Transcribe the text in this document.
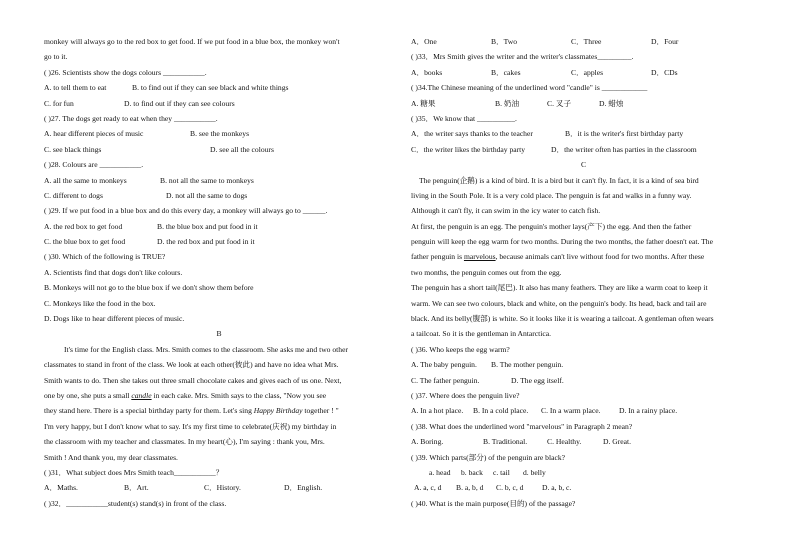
monkey will always go to the red box to get food. If we put food in a blue box, the monkey won't
go to it.
( )26. Scientists show the dogs colours ___________.
A. to tell them to eat	B. to find out if they can see black and white things
C. for fun	D. to find out if they can see colours
( )27. The dogs get ready to eat when they ___________.
A. hear different pieces of music	B. see the monkeys
C. see black things	D. see all the colours
( )28. Colours are ___________.
A. all the same to monkeys	B. not all the same to monkeys
C. different to dogs	D. not all the same to dogs
( )29. If we put food in a blue box and do this every day, a monkey will always go to ______.
A. the red box to get food	B. the blue box and put food in it
C. the blue box to get food	D. the red box and put food in it
( )30. Which of the following is TRUE?
A. Scientists find that dogs don't like colours.
B. Monkeys will not go to the blue box if we don't show them before
C. Monkeys like the food in the box.
D. Dogs like to hear different pieces of music.
B
It's time for the English class. Mrs. Smith comes to the classroom. She asks me and two other
classmates to stand in front of the class. We look at each other(彼此) and have no idea what Mrs.
Smith wants to do. Then she takes out three small chocolate cakes and gives each of us one. Next,
one by one, she puts a small candle in each cake. Mrs. Smith says to the class, "Now you see
they stand here. There is a special birthday party for them. Let's sing Happy Birthday together ! "
I'm very happy, but I don't know what to say. It's my first time to celebrate(庆祝) my birthday in
the classroom with my teacher and classmates. In my heart(心), I'm saying : thank you, Mrs.
Smith ! And thank you, my dear classmates.
( )31．What subject does Mrs Smith teach___________？
A．Maths.	B．Art.	C．History.	D．English.
( )32．___________student(s) stand(s) in front of the class.
A．One	B．Two	C．Three	D．Four
( )33．Mrs Smith gives the writer and the writer's classmates_________.
A．books	B．cakes	C．apples	D．CDs
( )34.The Chinese meaning of the underlined word "candle" is ____________
A. 糖果	B. 奶油	C. 叉子	D. 蜡烛
( )35．We know that __________.
A．the writer says thanks to the teacher	B．it is the writer's first birthday party
C．the writer likes the birthday party	D．the writer often has parties in the classroom
C
The penguin(企鹅) is a kind of bird. It is a bird but it can't fly. In fact, it is a kind of sea bird
living in the South Pole. It is a very cold place. The penguin is fat and walks in a funny way.
Although it can't fly, it can swim in the icy water to catch fish.
At first, the penguin is an egg. The penguin's mother lays(产下) the egg. And then the father
penguin will keep the egg warm for two months. During the two months, the father doesn't eat. The
father penguin is marvelous, because animals can't live without food for two months. After these
two months, the penguin comes out from the egg.
The penguin has a short tail(尾巴). It also has many feathers. They are like a warm coat to keep it
warm. We can see two colours, black and white, on the penguin's body. Its head, back and tail are
black. And its belly(腹部) is white. So it looks like it is wearing a tailcoat. A gentleman often wears
a tailcoat. So it is the gentleman in Antarctica.
( )36. Who keeps the egg warm?
A. The baby penguin. B. The mother penguin.
C. The father penguin.	D. The egg itself.
( )37. Where does the penguin live?
A. In a hot place. B. In a cold place. C. In a warm place. D. In a rainy place.
( )38. What does the underlined word "marvelous" in Paragraph 2 mean?
A. Boring.	B. Traditional.	C. Healthy.	D. Great.
( )39. Which parts(部分) of the penguin are black?
a. head b. back c. tail d. belly
A. a, c, d B. a, b, d C. b, c, d D. a, b, c.
( )40. What is the main purpose(目的) of the passage?
